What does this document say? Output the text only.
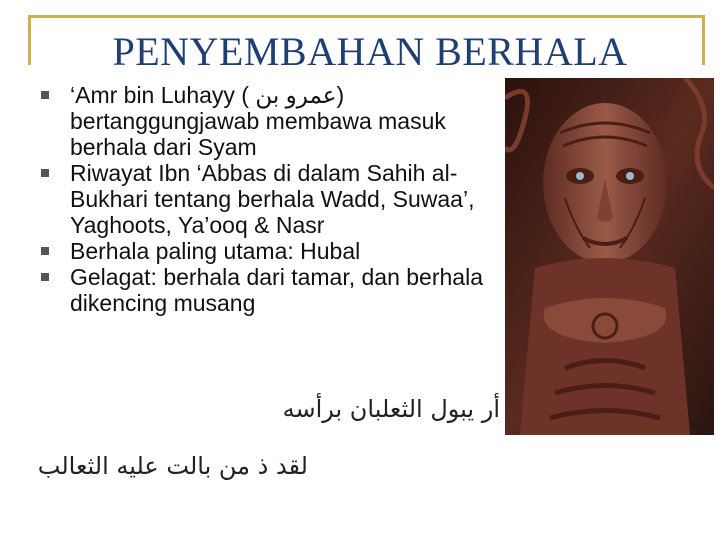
PENYEMBAHAN BERHALA
‘Amr bin Luhayy ( عمرو بن) bertanggungjawab membawa masuk berhala dari Syam
Riwayat Ibn ‘Abbas di dalam Sahih al-Bukhari tentang berhala Wadd, Suwaa’, Yaghoots, Ya’ooq & Nasr
Berhala paling utama: Hubal
Gelagat: berhala dari tamar, dan berhala dikencing musang
أر يبول الثعلبان برأسه
لقد ذ من بالت عليه الثعالب
